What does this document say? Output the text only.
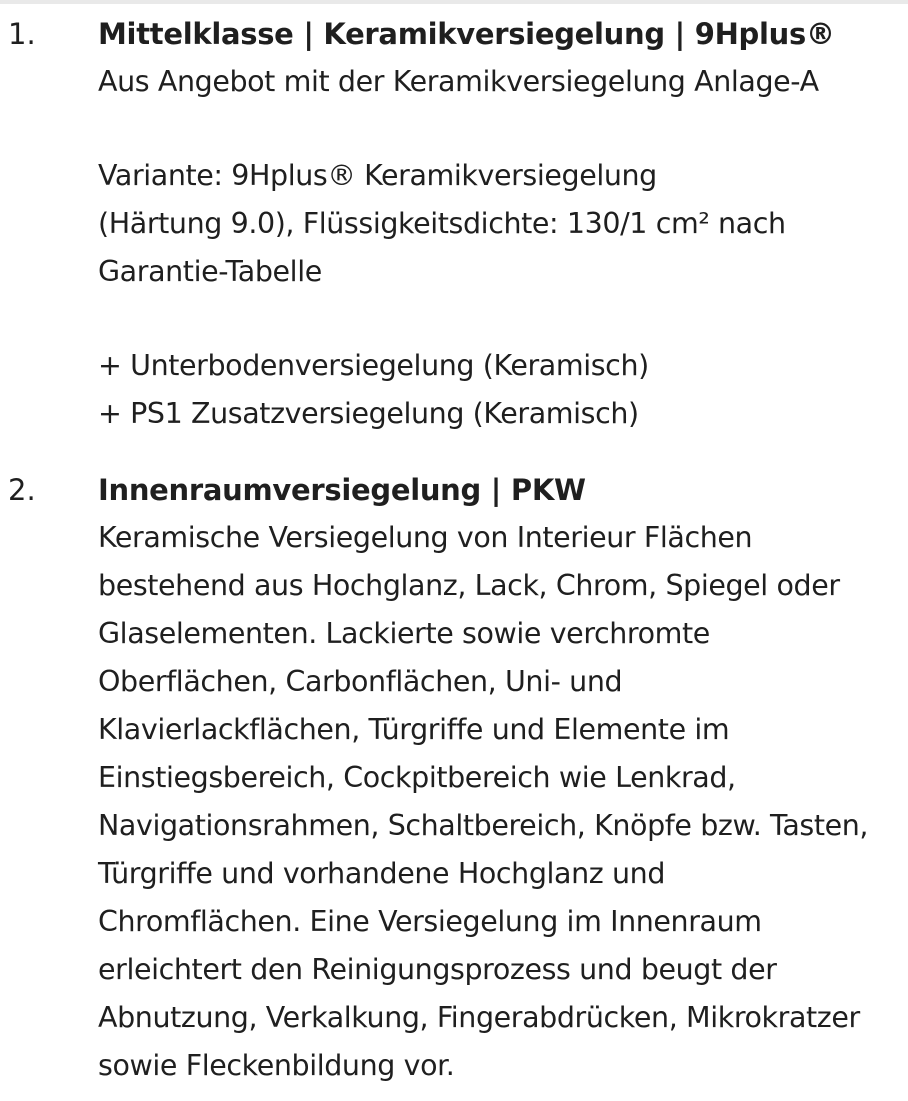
1. Mittelklasse | Keramikversiegelung | 9Hplus®
Aus Angebot mit der Keramikversiegelung Anlage-A
Variante: 9Hplus® Keramikversiegelung
(Härtung 9.0), Flüssigkeitsdichte: 130/1 cm² nach
Garantie-Tabelle
+ Unterbodenversiegelung (Keramisch)
+ PS1 Zusatzversiegelung (Keramisch)
2. Innenraumversiegelung | PKW
Keramische Versiegelung von Interieur Flächen
bestehend aus Hochglanz, Lack, Chrom, Spiegel oder
Glaselementen. Lackierte sowie verchromte
Oberflächen, Carbonflächen, Uni- und
Klavierlackflächen, Türgriffe und Elemente im
Einstiegsbereich, Cockpitbereich wie Lenkrad,
Navigationsrahmen, Schaltbereich, Knöpfe bzw. Tasten,
Türgriffe und vorhandene Hochglanz und
Chromflächen. Eine Versiegelung im Innenraum
erleichtert den Reinigungsprozess und beugt der
Abnutzung, Verkalkung, Fingerabdrücken, Mikrokratzer
sowie Fleckenbildung vor.
